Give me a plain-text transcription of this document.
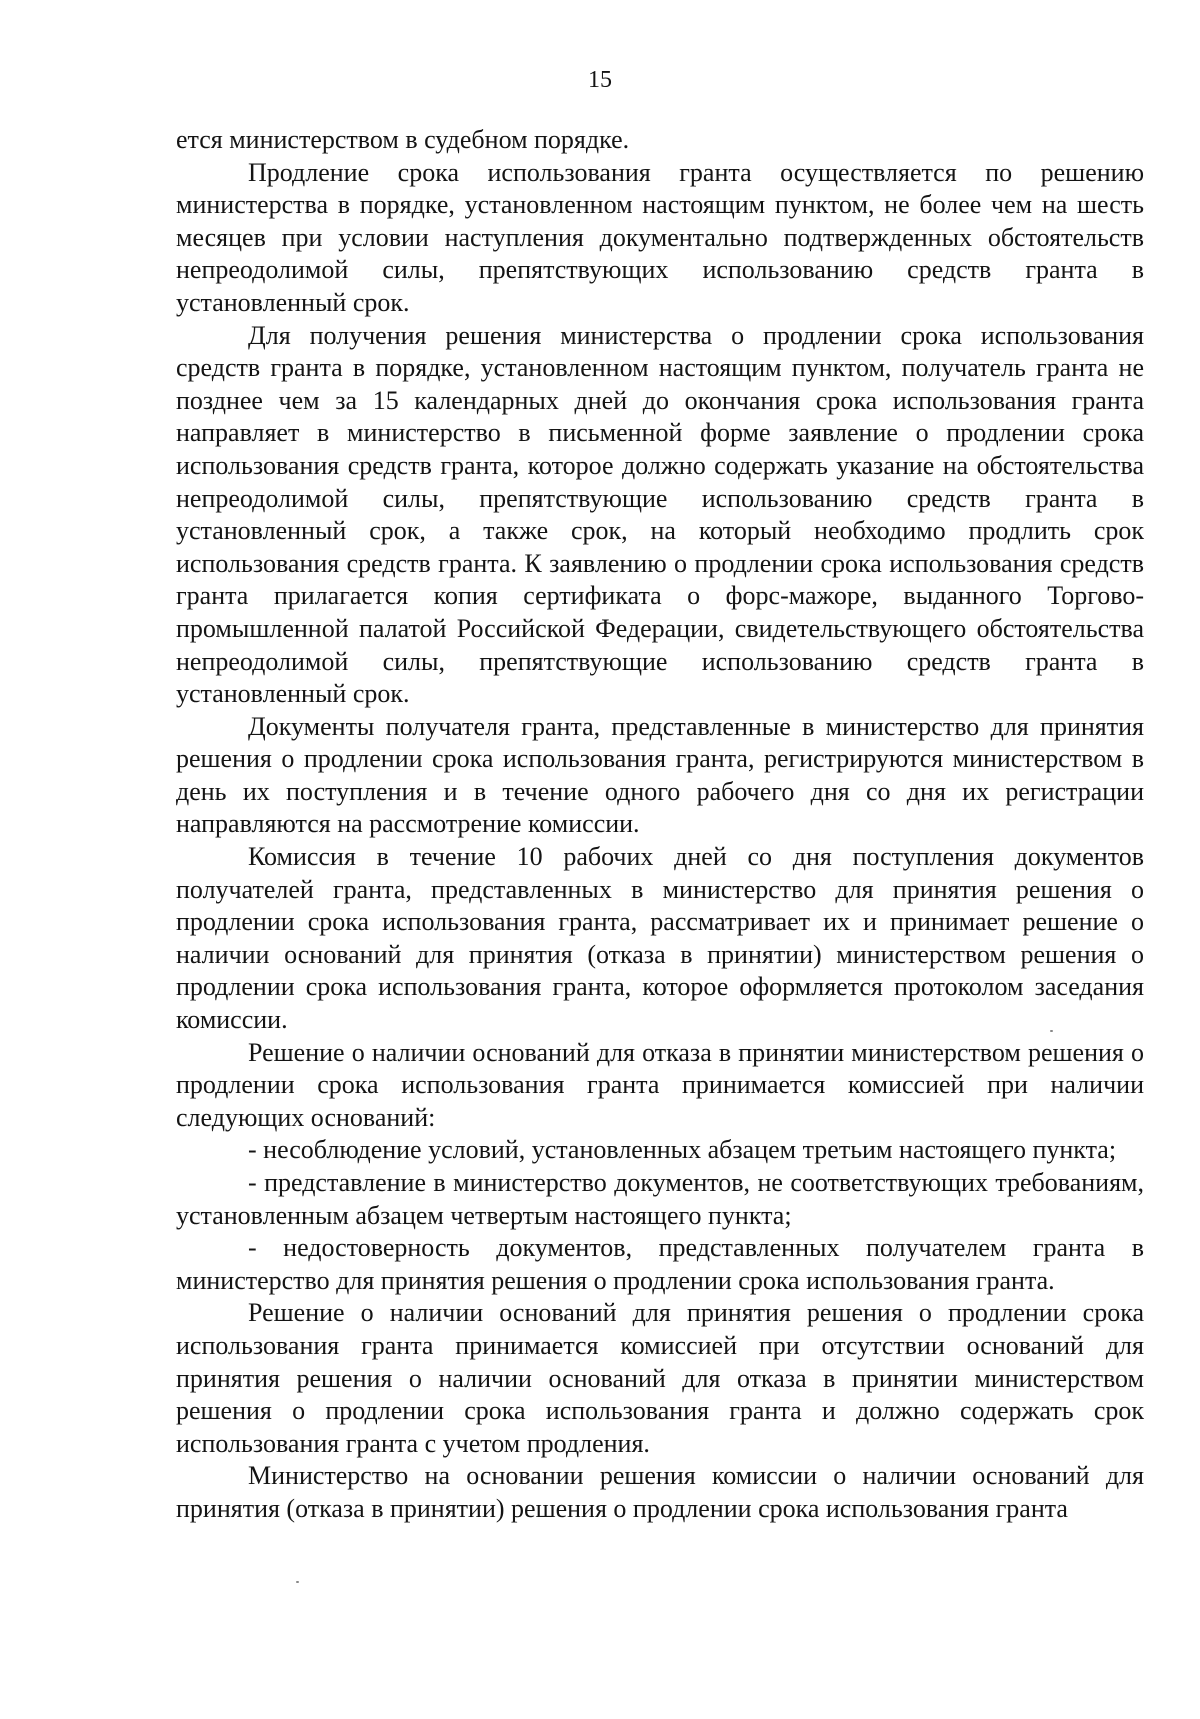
15

ется министерством в судебном порядке.

Продление срока использования гранта осуществляется по решению министерства в порядке, установленном настоящим пунктом, не более чем на шесть месяцев при условии наступления документально подтвержденных обстоятельств непреодолимой силы, препятствующих использованию средств гранта в установленный срок.

Для получения решения министерства о продлении срока использования средств гранта в порядке, установленном настоящим пунктом, получатель гранта не позднее чем за 15 календарных дней до окончания срока использования гранта направляет в министерство в письменной форме заявление о продлении срока использования средств гранта, которое должно содержать указание на обстоятельства непреодолимой силы, препятствующие использованию средств гранта в установленный срок, а также срок, на который необходимо продлить срок использования средств гранта. К заявлению о продлении срока использования средств гранта прилагается копия сертификата о форс-мажоре, выданного Торгово-промышленной палатой Российской Федерации, свидетельствующего обстоятельства непреодолимой силы, препятствующие использованию средств гранта в установленный срок.

Документы получателя гранта, представленные в министерство для принятия решения о продлении срока использования гранта, регистрируются министерством в день их поступления и в течение одного рабочего дня со дня их регистрации направляются на рассмотрение комиссии.

Комиссия в течение 10 рабочих дней со дня поступления документов получателей гранта, представленных в министерство для принятия решения о продлении срока использования гранта, рассматривает их и принимает решение о наличии оснований для принятия (отказа в принятии) министерством решения о продлении срока использования гранта, которое оформляется протоколом заседания комиссии.

Решение о наличии оснований для отказа в принятии министерством решения о продлении срока использования гранта принимается комиссией при наличии следующих оснований:

- несоблюдение условий, установленных абзацем третьим настоящего пункта;

- представление в министерство документов, не соответствующих требованиям, установленным абзацем четвертым настоящего пункта;

- недостоверность документов, представленных получателем гранта в министерство для принятия решения о продлении срока использования гранта.

Решение о наличии оснований для принятия решения о продлении срока использования гранта принимается комиссией при отсутствии оснований для принятия решения о наличии оснований для отказа в принятии министерством решения о продлении срока использования гранта и должно содержать срок использования гранта с учетом продления.

Министерство на основании решения комиссии о наличии оснований для принятия (отказа в принятии) решения о продлении срока использования гранта
